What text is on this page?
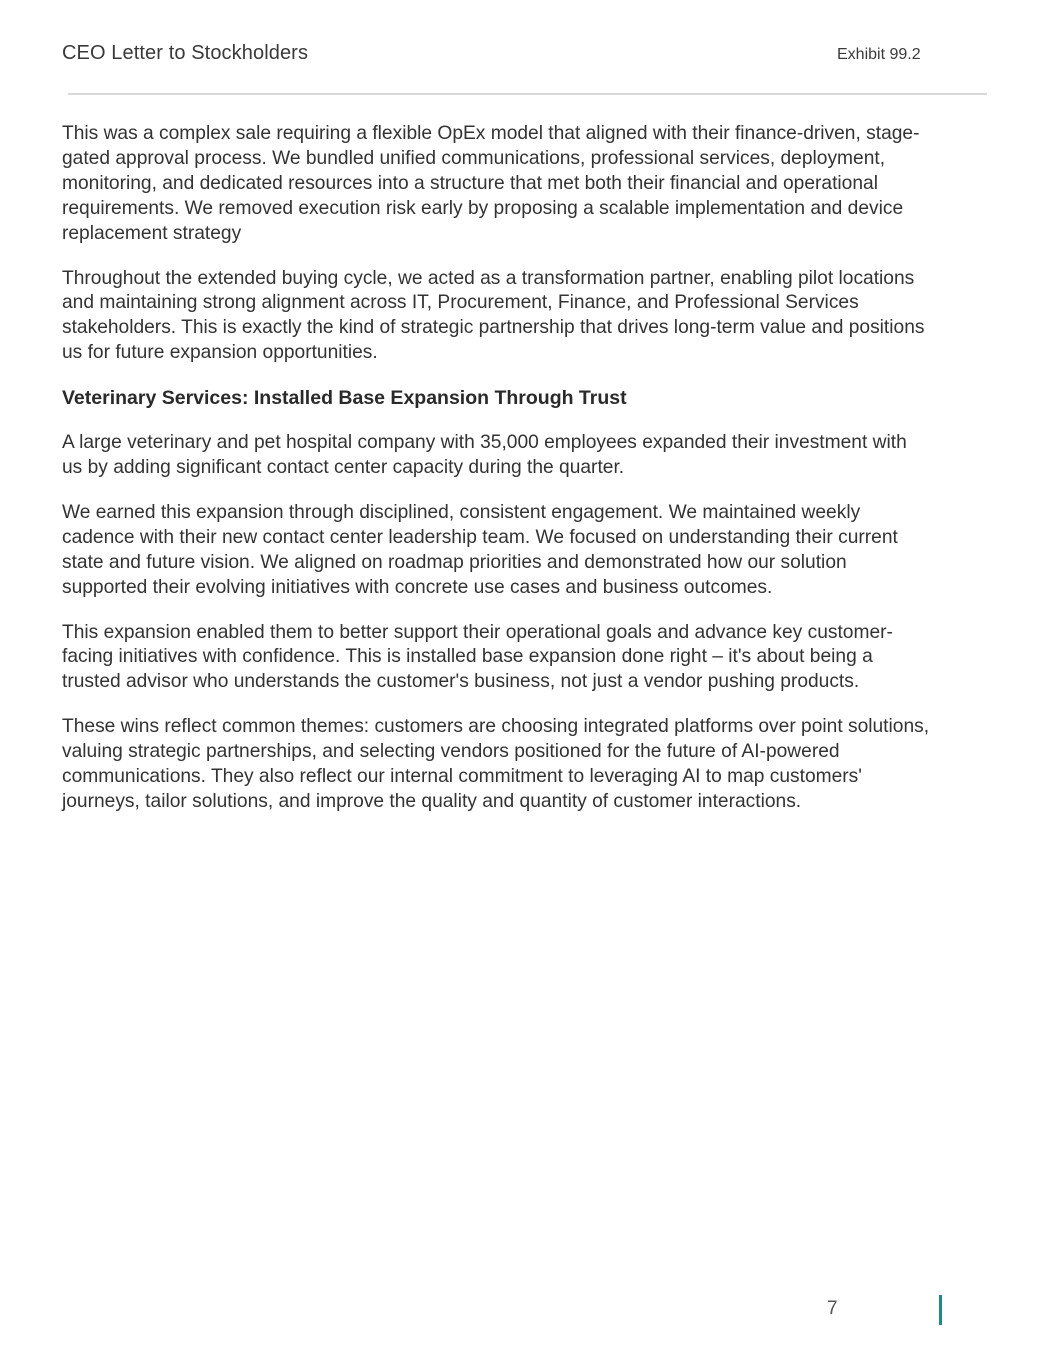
CEO Letter to Stockholders	Exhibit 99.2

This was a complex sale requiring a flexible OpEx model that aligned with their finance-driven, stage-gated approval process. We bundled unified communications, professional services, deployment, monitoring, and dedicated resources into a structure that met both their financial and operational requirements. We removed execution risk early by proposing a scalable implementation and device replacement strategy

Throughout the extended buying cycle, we acted as a transformation partner, enabling pilot locations and maintaining strong alignment across IT, Procurement, Finance, and Professional Services stakeholders. This is exactly the kind of strategic partnership that drives long-term value and positions us for future expansion opportunities.

Veterinary Services: Installed Base Expansion Through Trust

A large veterinary and pet hospital company with 35,000 employees expanded their investment with us by adding significant contact center capacity during the quarter.

We earned this expansion through disciplined, consistent engagement. We maintained weekly cadence with their new contact center leadership team. We focused on understanding their current state and future vision. We aligned on roadmap priorities and demonstrated how our solution supported their evolving initiatives with concrete use cases and business outcomes.

This expansion enabled them to better support their operational goals and advance key customer-facing initiatives with confidence. This is installed base expansion done right – it's about being a trusted advisor who understands the customer's business, not just a vendor pushing products.

These wins reflect common themes: customers are choosing integrated platforms over point solutions, valuing strategic partnerships, and selecting vendors positioned for the future of AI-powered communications. They also reflect our internal commitment to leveraging AI to map customers' journeys, tailor solutions, and improve the quality and quantity of customer interactions.

7
